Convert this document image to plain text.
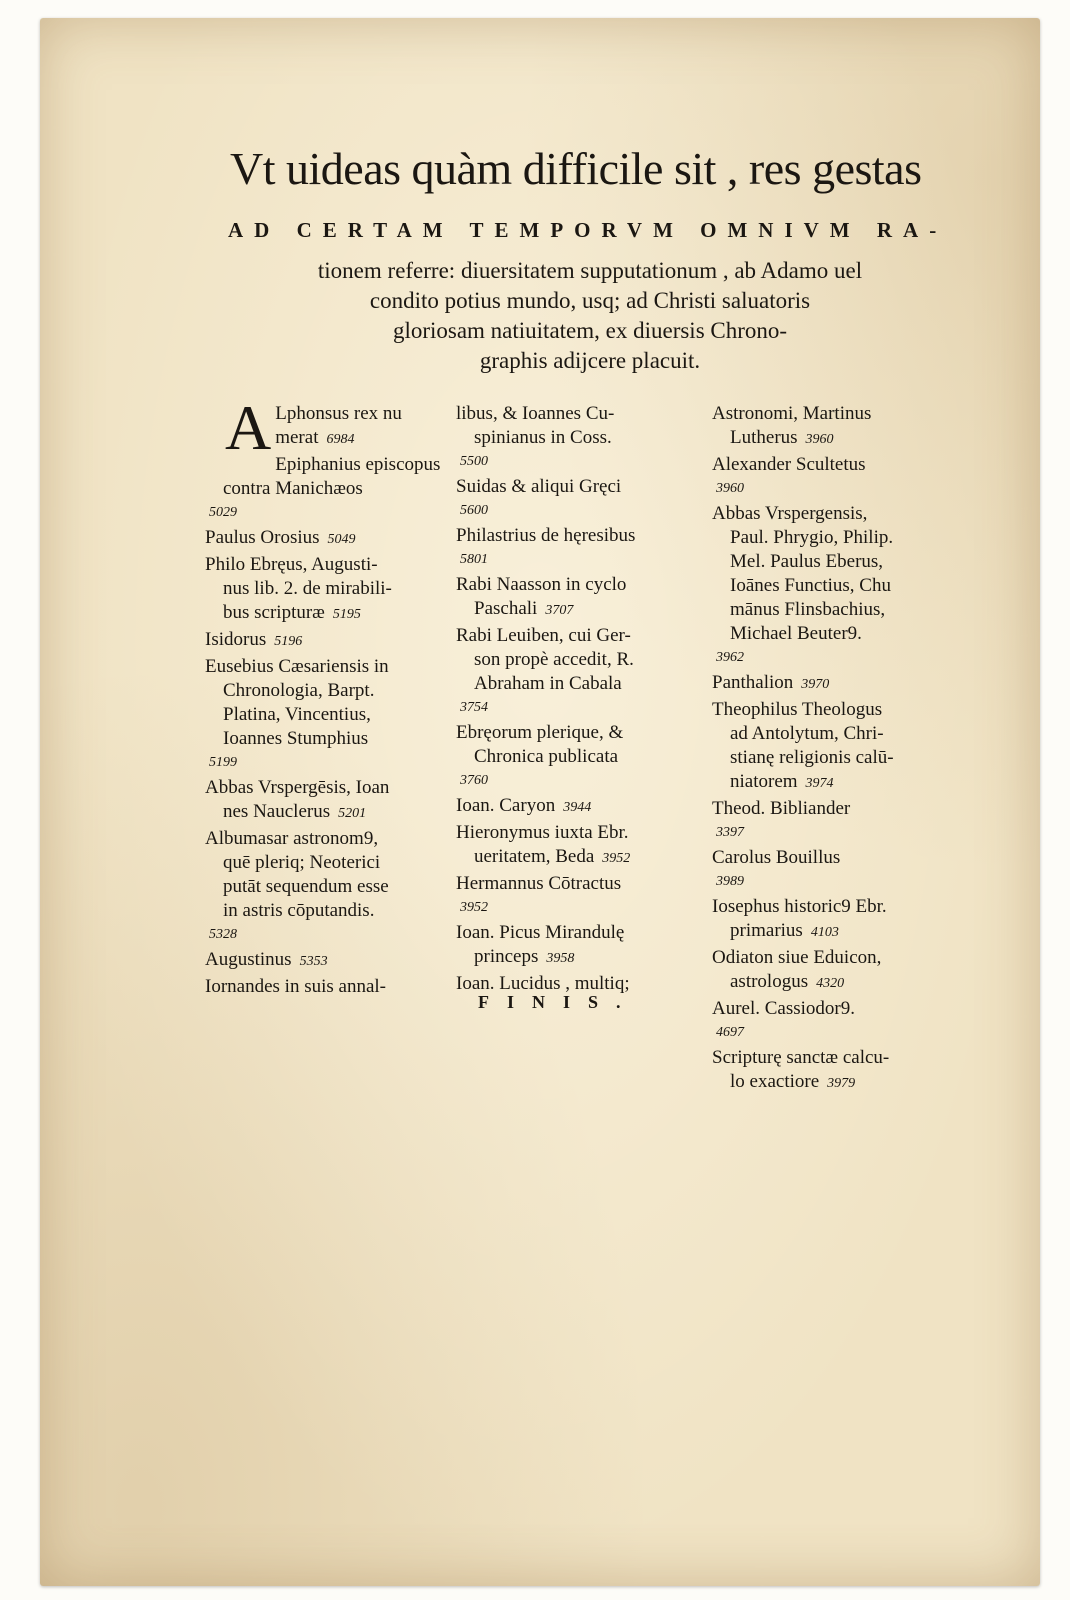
Vt uideas quàm difficile sit , res gestas
AD CERTAM TEMPORVM OMNIVM RA-
tionem referre: diuersitatem supputationum , ab Adamo uel
condito potius mundo, usq; ad Christi saluatoris
gloriosam natiuitatem, ex diuersis Chrono-
graphis adijcere placuit.
A Lphonsus rex nu
merat 6984
Epiphanius episcopus
contra Manichæos
5029
Paulus Orosius 5049
Philo Ebręus, Augusti-
nus lib. 2. de mirabili-
bus scripturæ 5195
Isidorus 5196
Eusebius Cæsariensis in
Chronologia, Barpt.
Platina, Vincentius,
Ioannes Stumphius
5199
Abbas Vrspergēsis, Ioan
nes Nauclerus 5201
Albumasar astronom9,
quē pleriq; Neoterici
putāt sequendum esse
in astris cōputandis.
5328
Augustinus 5353
Iornandes in suis annal-
libus, & Ioannes Cu-
spinianus in Coss.
5500
Suidas & aliqui Gręci
5600
Philastrius de hęresibus
5801
Rabi Naasson in cyclo
Paschali 3707
Rabi Leuiben, cui Ger-
son propè accedit, R.
Abraham in Cabala
3754
Ebręorum plerique, &
Chronica publicata
3760
Ioan. Caryon 3944
Hieronymus iuxta Ebr.
ueritatem, Beda 3952
Hermannus Cōtractus
3952
Ioan. Picus Mirandulę
princeps 3958
Ioan. Lucidus , multiq;
Astronomi, Martinus
Lutherus 3960
Alexander Scultetus
3960
Abbas Vrspergensis,
Paul. Phrygio, Philip.
Mel. Paulus Eberus,
Ioānes Functius, Chu
mānus Flinsbachius,
Michael Beuter9.
3962
Panthalion 3970
Theophilus Theologus
ad Antolytum, Chri-
stianę religionis calū-
niatorem 3974
Theod. Bibliander
3397
Carolus Bouillus
3989
Iosephus historic9 Ebr.
primarius 4103
Odiaton siue Eduicon,
astrologus 4320
Aurel. Cassiodor9.
4697
Scripturę sanctæ calcu-
lo exactiore 3979
FINIS.
